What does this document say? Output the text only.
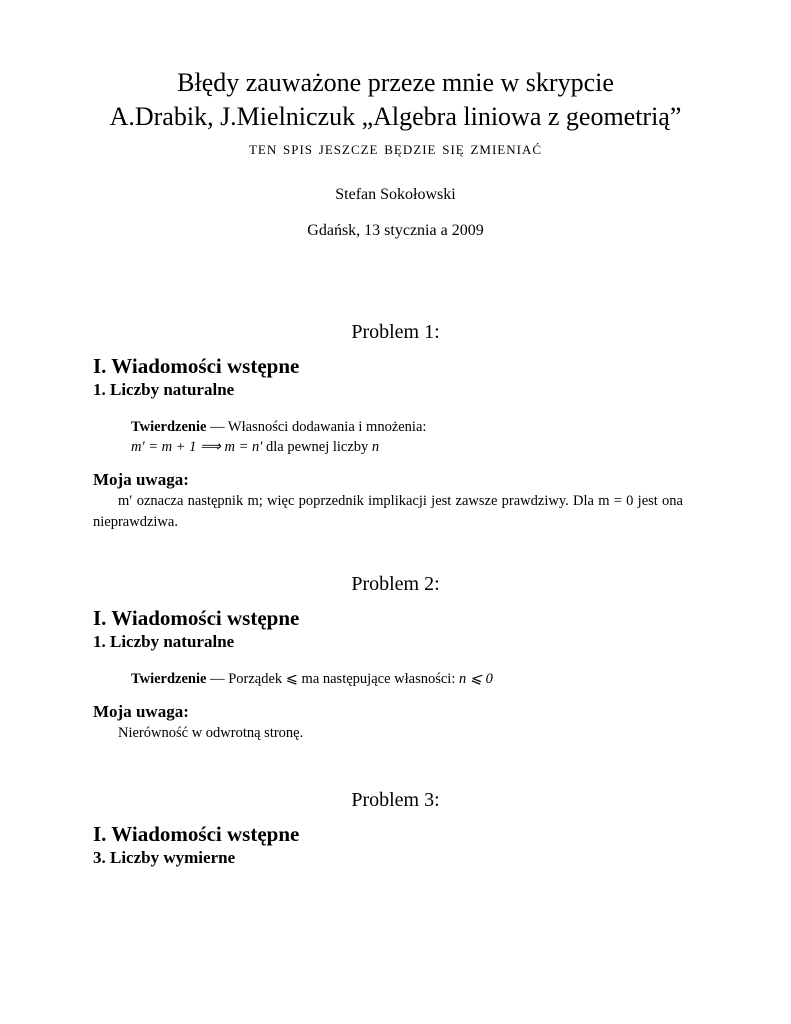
Błędy zauważone przeze mnie w skrypcie
A.Drabik, J.Mielniczuk „Algebra liniowa z geometrią”
ten spis jeszcze będzie się zmieniać
Stefan Sokołowski
Gdańsk, 13 stycznia a 2009
Problem 1:
I. Wiadomości wstępne
1. Liczby naturalne
Twierdzenie — Własności dodawania i mnożenia:
m′ = m + 1 ⟹ m = n′ dla pewnej liczby n
Moja uwaga:
m′ oznacza następnik m; więc poprzednik implikacji jest zawsze prawdziwy. Dla m = 0 jest ona nieprawdziwa.
Problem 2:
I. Wiadomości wstępne
1. Liczby naturalne
Twierdzenie — Porządek ⩽ ma następujące własności: n ⩽ 0
Moja uwaga:
Nierówność w odwrotną stronę.
Problem 3:
I. Wiadomości wstępne
3. Liczby wymierne
